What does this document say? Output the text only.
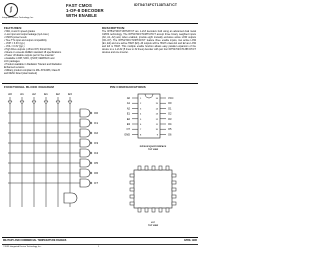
∫
Integrated Device Technology, Inc.
FAST CMOS
1-OF-8 DECODER
WITH ENABLE
IDT54/74FCT138T/AT/CT
FEATURES:
• 50Ω, A and C speed grades
• Low input and output leakage (1μA max.)
• CMOS power levels
• True TTL input and output compatibility
– VOH = 3.3V (typ.)
– VOL = 0.3V (typ.)
• High Drive outputs (-15mA IOH, 64mA IOL)
• Meets or exceeds JEDEC standard 18 specifications
• Power off disable outputs permit 'live insertion'
• Available in DIP, SOIC, QSOP, CERPACK and
LCC packages
• Product available in Radiation Tolerant and Radiation
Enhanced versions
• Military product compliant to MIL-STD-883, Class B
and DESC listed (dual marked)
DESCRIPTION:

The IDT54/74FCT138T/AT/CT are 1-of-8 decoders built using an advanced dual metal CMOS technology. The IDT54/74FCT138T/AT/CT accept three binary weighted inputs (A0, A1, A2) and, when enabled, provide eight mutually exclusive active LOW outputs (O0–O7). The IDT54/74FCT138T/AT/CT feature three enable inputs, two active LOW (E1, E2) and one active HIGH (E3). All outputs will be HIGH unless E1 and E2 are LOW and E3 is HIGH. This multiple enable function allows easy parallel expansion of the device to a 1-of-32 (5 lines to 32 lines) decoder with just four IDT54/74FCT138T/AT/CT devices and one inverter.

FUNCTIONAL BLOCK DIAGRAM	PIN CONFIGURATIONS
A0	A1	A2	E1	E2	E3
O0
O1
O2
O3
O4
O5
O6
O7
A0	1
A1	2
A2	3
E1	4
E2	5
E3	6
O7	7
GND	8
VCC
16
O0
15
O1
14
O2
13
O3
12
O4
11
O5
10
O6
9
DIP/SOIC/QSOP/CERPACK
TOP VIEW
LCC
TOP VIEW
MILITARY AND COMMERCIAL TEMPERATURE RANGES	APRIL 1995
©1995 Integrated Device Technology, Inc.	1
